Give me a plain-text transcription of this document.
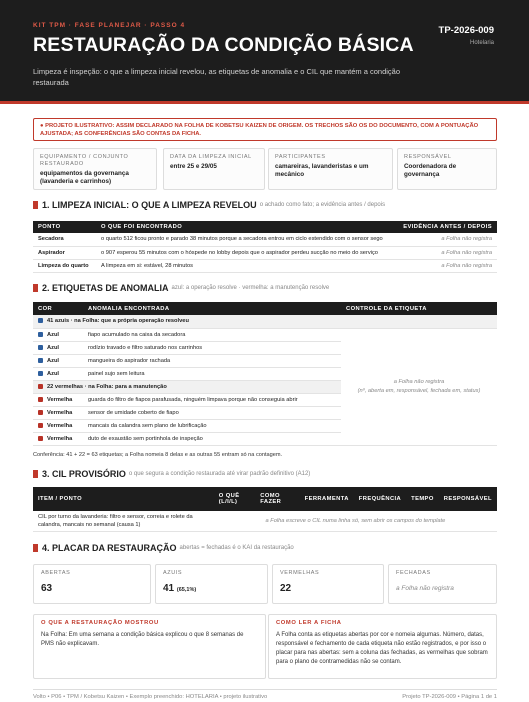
KIT TPM · FASE PLANEJAR · PASSO 4
RESTAURAÇÃO DA CONDIÇÃO BÁSICA
Limpeza é inspeção: o que a limpeza inicial revelou, as etiquetas de anomalia e o CIL que mantém a condição restaurada
TP-2026-009
Hotelaria
● PROJETO ILUSTRATIVO: ASSIM DECLARADO NA FOLHA DE KOBETSU KAIZEN DE ORIGEM. OS TRECHOS SÃO OS DO DOCUMENTO, COM A PONTUAÇÃO AJUSTADA; AS CONFERÊNCIAS SÃO CONTAS DA FICHA.
EQUIPAMENTO / CONJUNTO RESTAURADO
equipamentos da governança (lavanderia e carrinhos)
DATA DA LIMPEZA INICIAL
entre 25 e 29/05
PARTICIPANTES
camareiras, lavanderistas e um mecânico
RESPONSÁVEL
Coordenadora de governança
1. LIMPEZA INICIAL: O QUE A LIMPEZA REVELOU o achado como fato; a evidência antes / depois
PONTO	O QUE FOI ENCONTRADO	EVIDÊNCIA ANTES / DEPOIS
Secadora	o quarto 512 ficou pronto e parado 38 minutos porque a secadora entrou em ciclo estendido com o sensor sego	a Folha não registra
Aspirador	o 907 esperou 55 minutos com o hóspede no lobby depois que o aspirador perdeu sucção no meio do serviço	a Folha não registra
Limpeza do quarto	A limpeza em si: estável, 28 minutos	a Folha não registra
2. ETIQUETAS DE ANOMALIA azul: a operação resolve · vermelha: a manutenção resolve
COR	ANOMALIA ENCONTRADA	CONTROLE DA ETIQUETA
41 azuis · na Folha: que a própria operação resolveu		
Azul	fiapo acumulado na caixa da secadora	a Folha não registra
(nº, aberta em, responsável, fechada em, status)

Azul	rodízio travado e filtro saturado nos carrinhos	
Azul	mangueira do aspirador rachada	
Azul	painel sujo sem leitura	
22 vermelhas · na Folha: para a manutenção		
Vermelha	guarda do filtro de fiapos parafusada, ninguém limpava porque não conseguia abrir	
Vermelha	sensor de umidade coberto de fiapo	
Vermelha	mancais da calandra sem plano de lubrificação	
Vermelha	duto de exaustão sem portinhola de inspeção	
Conferência: 41 + 22 = 63 etiquetas; a Folha nomeia 8 delas e as outras 55 entram só na contagem.
3. CIL PROVISÓRIO o que segura a condição restaurada até virar padrão definitivo (A12)
ITEM / PONTO	O QUÊ (L/I/L)	COMO FAZER	FERRAMENTA	FREQUÊNCIA	TEMPO	RESPONSÁVEL
CIL por turno da lavanderia: filtro e sensor, correia e rolete da calandra, mancais no semanal (causa 1)	a Folha escreve o CIL numa linha só, sem abrir os campos do template					
4. PLACAR DA RESTAURAÇÃO abertas = fechadas é o KAI da restauração
ABERTAS
63
AZUIS
41 (65,1%)
VERMELHAS
22
FECHADAS
a Folha não registra
O QUE A RESTAURAÇÃO MOSTROU
Na Folha: Em uma semana a condição básica explicou o que 8 semanas de PMS não explicavam.
COMO LER A FICHA
A Folha conta as etiquetas abertas por cor e nomeia algumas. Número, datas, responsável e fechamento de cada etiqueta não estão registrados, e por isso o placar para nas abertas: sem a coluna das fechadas, as vermelhas que sobram para o plano de contramedidas não se contam.
Volto • P06 • TPM / Kobetsu Kaizen • Exemplo preenchido: HOTELARIA • projeto ilustrativo	Projeto TP-2026-009 • Página 1 de 1
